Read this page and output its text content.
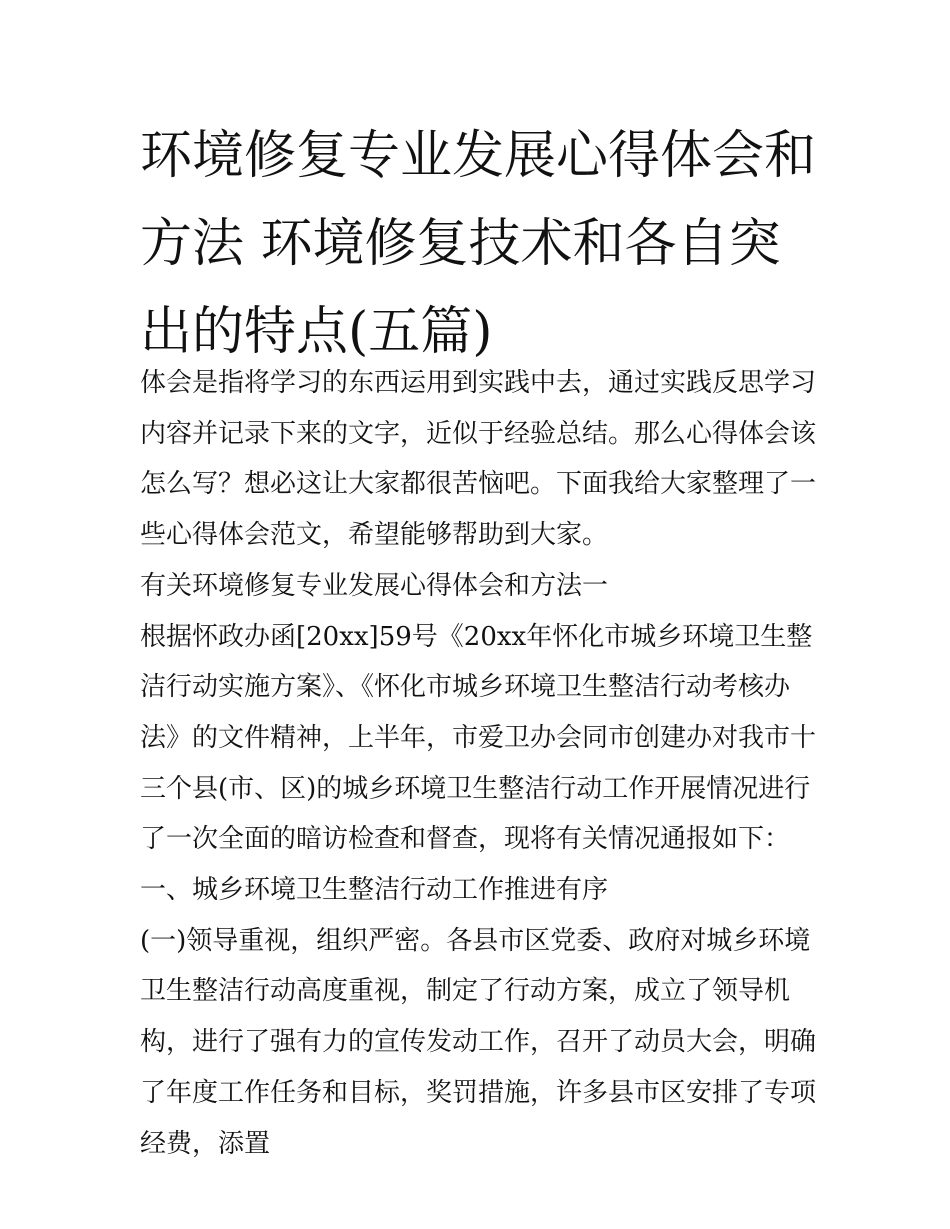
环境修复专业发展心得体会和方法 环境修复技术和各自突出的特点(五篇)

体会是指将学习的东西运用到实践中去，通过实践反思学习内容并记录下来的文字，近似于经验总结。那么心得体会该怎么写？想必这让大家都很苦恼吧。下面我给大家整理了一些心得体会范文，希望能够帮助到大家。

有关环境修复专业发展心得体会和方法一

根据怀政办函[20xx]59号《20xx年怀化市城乡环境卫生整洁行动实施方案》、《怀化市城乡环境卫生整洁行动考核办法》的文件精神，上半年，市爱卫办会同市创建办对我市十三个县(市、区)的城乡环境卫生整洁行动工作开展情况进行了一次全面的暗访检查和督查，现将有关情况通报如下：

一、城乡环境卫生整洁行动工作推进有序

(一)领导重视，组织严密。各县市区党委、政府对城乡环境卫生整洁行动高度重视，制定了行动方案，成立了领导机构，进行了强有力的宣传发动工作，召开了动员大会，明确了年度工作任务和目标，奖罚措施，许多县市区安排了专项经费，添置
